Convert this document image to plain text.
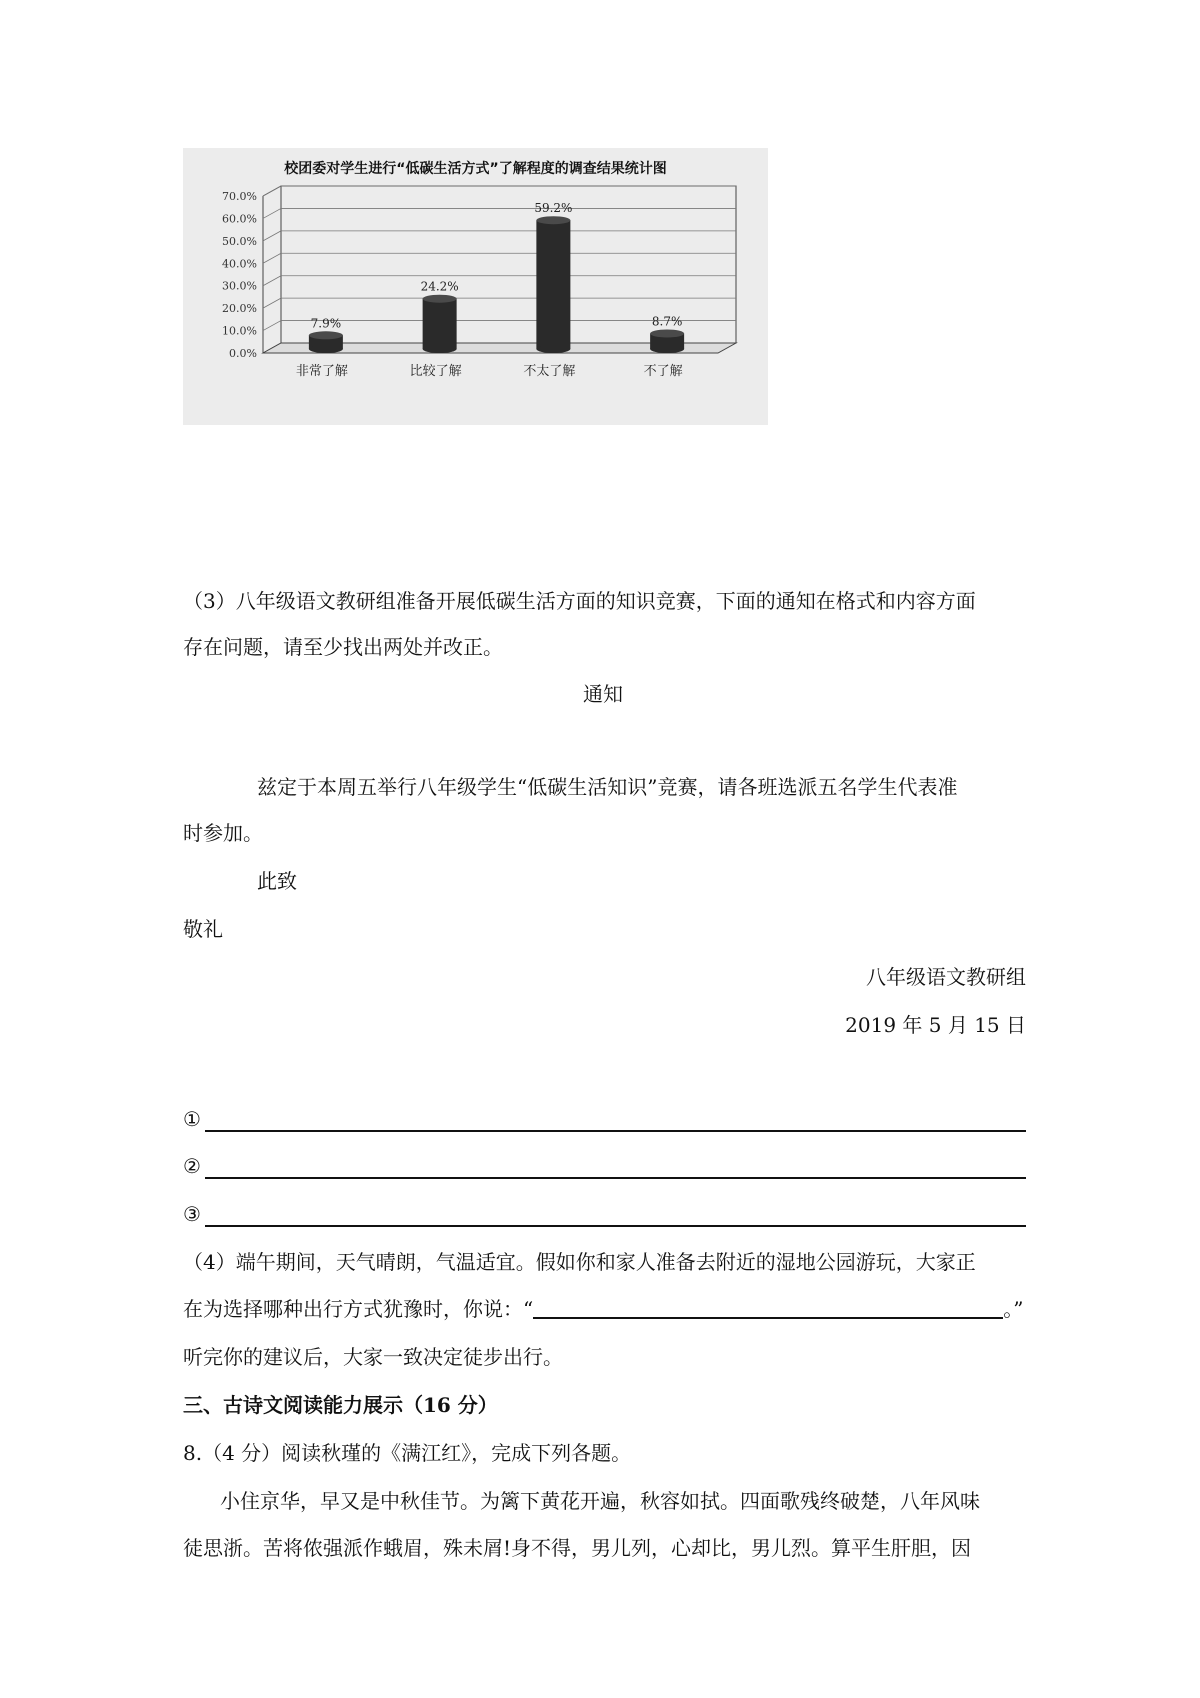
校团委对学生进行“低碳生活方式”了解程度的调查结果统计图
0.0%
10.0%
20.0%
30.0%
40.0%
50.0%
60.0%
70.0%
7.9%
非常了解
24.2%
比较了解
59.2%
不太了解
8.7%
不了解
（3）八年级语文教研组准备开展低碳生活方面的知识竞赛，下面的通知在格式和内容方面
存在问题，请至少找出两处并改正。
通知
兹定于本周五举行八年级学生“低碳生活知识”竞赛，请各班选派五名学生代表准
时参加。
此致
敬礼
八年级语文教研组
2019 年 5 月 15 日
①
②
③
（4）端午期间，天气晴朗，气温适宜。假如你和家人准备去附近的湿地公园游玩，大家正
在为选择哪种出行方式犹豫时，你说：“	。”
听完你的建议后，大家一致决定徒步出行。
三、古诗文阅读能力展示（16 分）
8.（4 分）阅读秋瑾的《满江红》，完成下列各题。
小住京华，早又是中秋佳节。为篱下黄花开遍，秋容如拭。四面歌残终破楚，八年风味
徒思浙。苦将侬强派作蛾眉，殊未屑!身不得，男儿列，心却比，男儿烈。算平生肝胆，因
